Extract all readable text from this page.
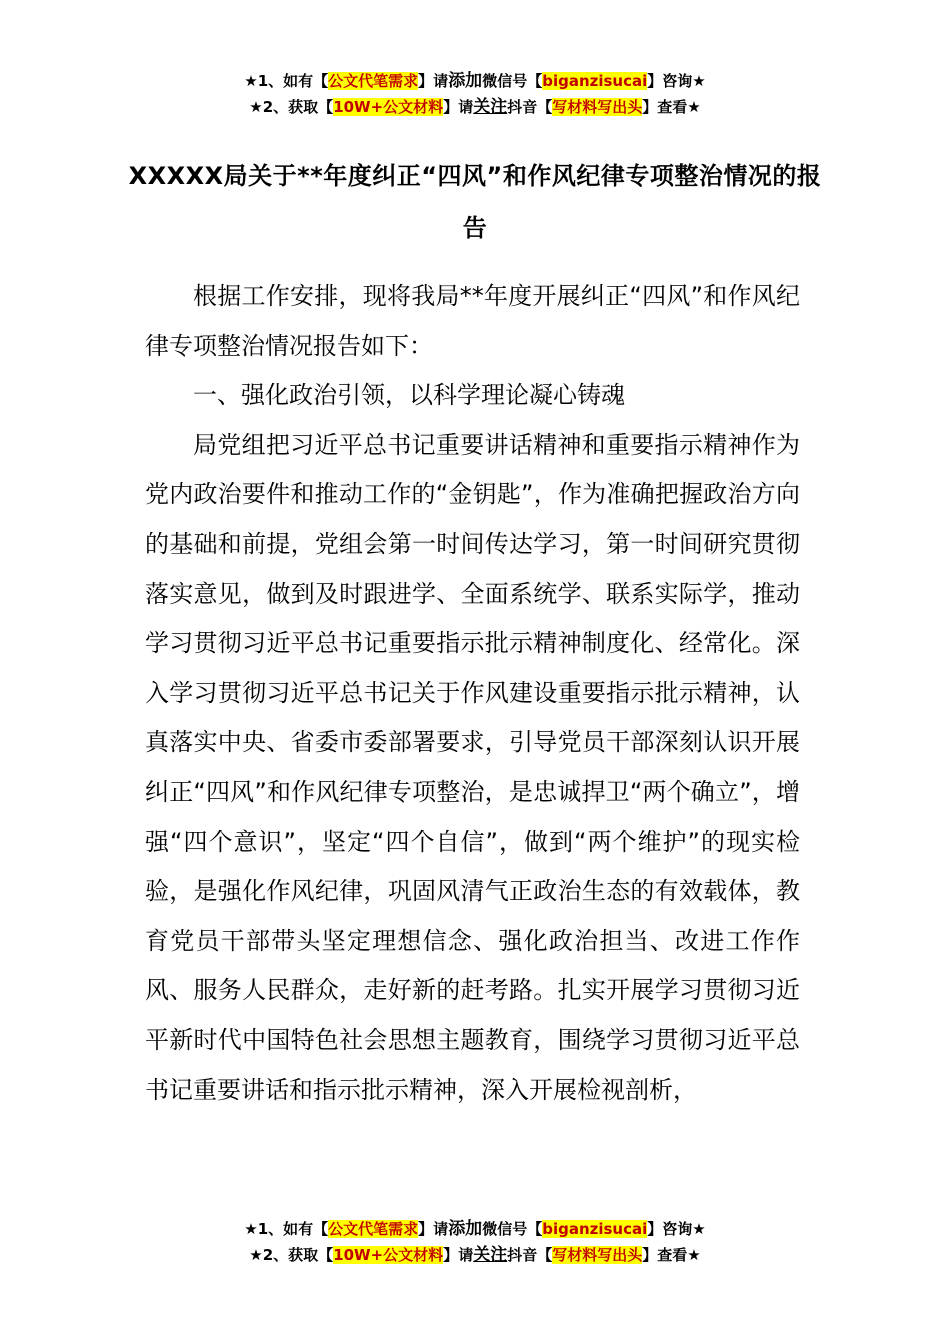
★1、如有【公文代笔需求】请添加微信号【biganzisucai】咨询★
★2、获取【10W+公文材料】请关注抖音【写材料写出头】查看★
XXXXX局关于**年度纠正“四风”和作风纪律专项整治情况的报告

根据工作安排，现将我局**年度开展纠正“四风”和作风纪律专项整治情况报告如下：

一、强化政治引领，以科学理论凝心铸魂

局党组把习近平总书记重要讲话精神和重要指示精神作为党内政治要件和推动工作的“金钥匙”，作为准确把握政治方向的基础和前提，党组会第一时间传达学习，第一时间研究贯彻落实意见，做到及时跟进学、全面系统学、联系实际学，推动学习贯彻习近平总书记重要指示批示精神制度化、经常化。深入学习贯彻习近平总书记关于作风建设重要指示批示精神，认真落实中央、省委市委部署要求，引导党员干部深刻认识开展纠正“四风”和作风纪律专项整治，是忠诚捍卫“两个确立”，增强“四个意识”，坚定“四个自信”，做到“两个维护”的现实检验，是强化作风纪律，巩固风清气正政治生态的有效载体，教育党员干部带头坚定理想信念、强化政治担当、改进工作作风、服务人民群众，走好新的赶考路。扎实开展学习贯彻习近平新时代中国特色社会思想主题教育，围绕学习贯彻习近平总书记重要讲话和指示批示精神，深入开展检视剖析，

★1、如有【公文代笔需求】请添加微信号【biganzisucai】咨询★
★2、获取【10W+公文材料】请关注抖音【写材料写出头】查看★
